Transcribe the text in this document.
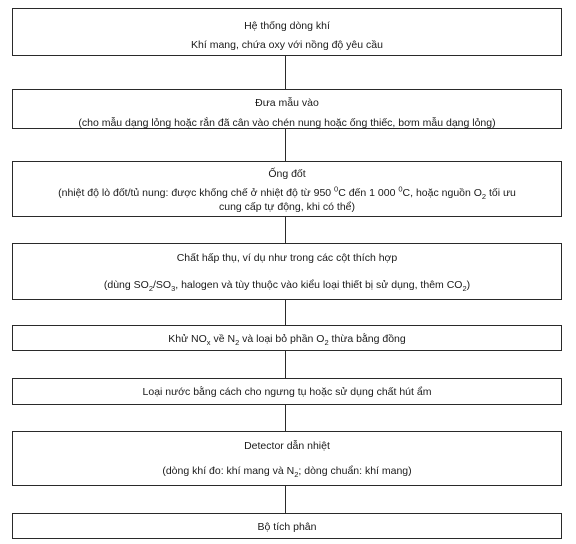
Hệ thống dòng khí
Khí mang, chứa oxy với nồng độ yêu cầu
Đưa mẫu vào
(cho mẫu dạng lỏng hoặc rắn đã cân vào chén nung hoặc ống thiếc, bơm mẫu dạng lỏng)
Ống đốt
(nhiệt độ lò đốt/tủ nung: được khống chế ở nhiệt độ từ 950 $^0$C đến 1 000 $^0$C, hoặc nguồn $O_2$ tối ưu cung cấp tự động, khi có thể)
Chất hấp thụ, ví dụ như trong các cột thích hợp
(dùng $SO_2/SO_3$, halogen và tùy thuộc vào kiểu loại thiết bị sử dụng, thêm $CO_2$)
Khử $NO_x$ về $N_2$ và loại bỏ phần $O_2$ thừa bằng đồng
Loại nước bằng cách cho ngưng tụ hoặc sử dụng chất hút ẩm
Detector dẫn nhiệt
(dòng khí đo: khí mang và $N_2$; dòng chuẩn: khí mang)
Bộ tích phân
